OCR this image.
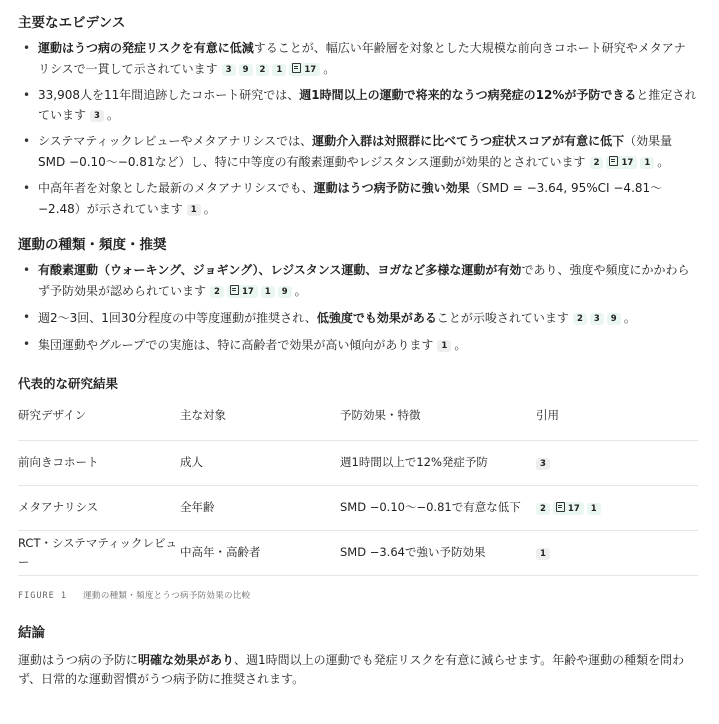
主要なエビデンス
• 運動はうつ病の発症リスクを有意に低減することが、幅広い年齢層を対象とした大規模な前向きコホート研究やメタアナリシスで一貫して示されています 3 9 2 1	17 。
• 33,908人を11年間追跡したコホート研究では、週1時間以上の運動で将来的なうつ病発症の12%が予防できると推定されています 3 。
• システマティックレビューやメタアナリシスでは、運動介入群は対照群に比べてうつ症状スコアが有意に低下（効果量SMD −0.10〜−0.81など）し、特に中等度の有酸素運動やレジスタンス運動が効果的とされています 2	17 1 。
• 中高年者を対象とした最新のメタアナリシスでも、運動はうつ病予防に強い効果（SMD = −3.64, 95%CI −4.81〜−2.48）が示されています 1 。
運動の種類・頻度・推奨
• 有酸素運動（ウォーキング、ジョギング）、レジスタンス運動、ヨガなど多様な運動が有効であり、強度や頻度にかかわらず予防効果が認められています 2	17 1 9 。
• 週2〜3回、1回30分程度の中等度運動が推奨され、低強度でも効果があることが示唆されています 2 3 9 。
• 集団運動やグループでの実施は、特に高齢者で効果が高い傾向があります 1 。
代表的な研究結果
研究デザイン	主な対象	予防効果・特徴	引用
前向きコホート	成人	週1時間以上で12%発症予防	3
メタアナリシス	全年齢	SMD −0.10〜−0.81で有意な低下	2 17 1
RCT・システマティックレビュー	中高年・高齢者	SMD −3.64で強い予防効果	1
FIGURE 1 運動の種類・頻度とうつ病予防効果の比較
結論

運動はうつ病の予防に明確な効果があり、週1時間以上の運動でも発症リスクを有意に減らせます。年齢や運動の種類を問わず、日常的な運動習慣がうつ病予防に推奨されます。
